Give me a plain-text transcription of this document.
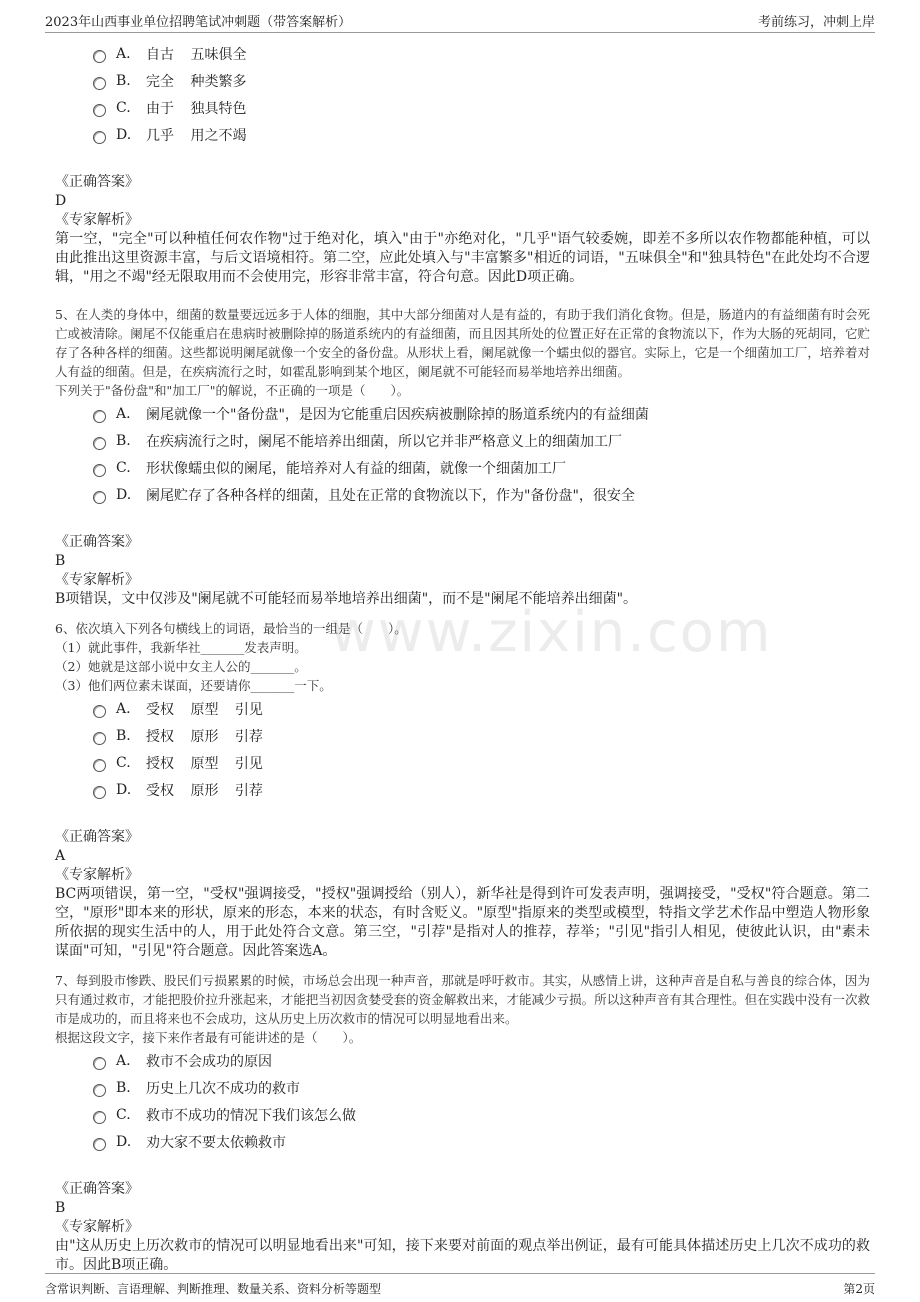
2023年山西事业单位招聘笔试冲刺题（带答案解析）	考前练习，冲刺上岸
www.zixin.com
A.	自古 五味俱全
B.	完全 种类繁多
C.	由于 独具特色
D.	几乎 用之不竭
《正确答案》
D
《专家解析》
第一空，"完全"可以种植任何农作物"过于绝对化，填入"由于"亦绝对化，"几乎"语气较委婉，即差不多所以农作物都能种植，可以由此推出这里资源丰富，与后文语境相符。第二空，应此处填入与"丰富繁多"相近的词语，"五味俱全"和"独具特色"在此处均不合逻辑，"用之不竭"经无限取用而不会使用完，形容非常丰富，符合句意。因此D项正确。
5、在人类的身体中，细菌的数量要远远多于人体的细胞，其中大部分细菌对人是有益的，有助于我们消化食物。但是，肠道内的有益细菌有时会死亡或被清除。阑尾不仅能重启在患病时被删除掉的肠道系统内的有益细菌，而且因其所处的位置正好在正常的食物流以下，作为大肠的死胡同，它贮存了各种各样的细菌。这些都说明阑尾就像一个安全的备份盘。从形状上看，阑尾就像一个蠕虫似的器官。实际上，它是一个细菌加工厂，培养着对人有益的细菌。但是，在疾病流行之时，如霍乱影响到某个地区，阑尾就不可能轻而易举地培养出细菌。
下列关于"备份盘"和"加工厂"的解说，不正确的一项是（　　）。
A.	阑尾就像一个"备份盘"，是因为它能重启因疾病被删除掉的肠道系统内的有益细菌
B.	在疾病流行之时，阑尾不能培养出细菌，所以它并非严格意义上的细菌加工厂
C.	形状像蠕虫似的阑尾，能培养对人有益的细菌，就像一个细菌加工厂
D.	阑尾贮存了各种各样的细菌，且处在正常的食物流以下，作为"备份盘"，很安全
《正确答案》
B
《专家解析》
B项错误，文中仅涉及"阑尾就不可能轻而易举地培养出细菌"，而不是"阑尾不能培养出细菌"。
6、依次填入下列各句横线上的词语，最恰当的一组是（　　）。
（1）就此事件，我新华社_______发表声明。
（2）她就是这部小说中女主人公的_______。
（3）他们两位素未谋面，还要请你_______一下。
A.	受权 原型 引见
B.	授权 原形 引荐
C.	授权 原型 引见
D.	受权 原形 引荐
《正确答案》
A
《专家解析》
BC两项错误，第一空，"受权"强调接受，"授权"强调授给（别人），新华社是得到许可发表声明，强调接受，"受权"符合题意。第二空，"原形"即本来的形状，原来的形态，本来的状态，有时含贬义。"原型"指原来的类型或模型，特指文学艺术作品中塑造人物形象所依据的现实生活中的人，用于此处符合文意。第三空，"引荐"是指对人的推荐，荐举；"引见"指引人相见，使彼此认识，由"素未谋面"可知，"引见"符合题意。因此答案选A。
7、每到股市惨跌、股民们亏损累累的时候，市场总会出现一种声音，那就是呼吁救市。其实，从感情上讲，这种声音是自私与善良的综合体，因为只有通过救市，才能把股价拉升涨起来，才能把当初因贪婪受套的资金解救出来，才能减少亏损。所以这种声音有其合理性。但在实践中没有一次救市是成功的，而且将来也不会成功，这从历史上历次救市的情况可以明显地看出来。
根据这段文字，接下来作者最有可能讲述的是（　　）。
A.	救市不会成功的原因
B.	历史上几次不成功的救市
C.	救市不成功的情况下我们该怎么做
D.	劝大家不要太依赖救市
《正确答案》
B
《专家解析》
由"这从历史上历次救市的情况可以明显地看出来"可知，接下来要对前面的观点举出例证，最有可能具体描述历史上几次不成功的救市。因此B项正确。
含常识判断、言语理解、判断推理、数量关系、资料分析等题型	第2页
